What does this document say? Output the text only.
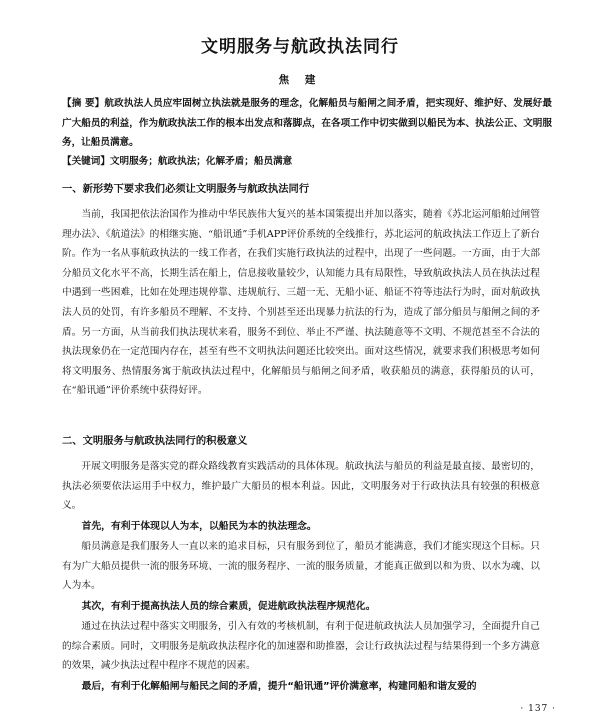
文明服务与航政执法同行
焦 建
【摘 要】航政执法人员应牢固树立执法就是服务的理念，化解船员与船闸之间矛盾，把实现好、维护好、发展好最广大船员的利益，作为航政执法工作的根本出发点和落脚点，在各项工作中切实做到以船民为本、执法公正、文明服务，让船员满意。
【关键词】文明服务；航政执法；化解矛盾；船员满意
一、新形势下要求我们必须让文明服务与航政执法同行
当前，我国把依法治国作为推动中华民族伟大复兴的基本国策提出并加以落实，随着《苏北运河船舶过闸管理办法》、《航道法》的相继实施、“船讯通”手机APP评价系统的全线推行，苏北运河的航政执法工作迈上了新台阶。作为一名从事航政执法的一线工作者，在我们实施行政执法的过程中，出现了一些问题。一方面，由于大部分船员文化水平不高，长期生活在船上，信息接收量较少，认知能力具有局限性，导致航政执法人员在执法过程中遇到一些困难，比如在处理违规停靠、违规航行、三超一无、无船小证、船证不符等违法行为时，面对航政执法人员的处罚，有许多船员不理解、不支持、个别甚至还出现暴力抗法的行为，造成了部分船员与船闸之间的矛盾。另一方面，从当前我们执法现状来看，服务不到位、举止不严谨、执法随意等不文明、不规范甚至不合法的执法现象仍在一定范围内存在，甚至有些不文明执法问题还比较突出。面对这些情况，就要求我们积极思考如何将文明服务、热情服务寓于航政执法过程中，化解船员与船闸之间矛盾，收获船员的满意，获得船员的认可，在“船讯通”评价系统中获得好评。
二、文明服务与航政执法同行的积极意义
开展文明服务是落实党的群众路线教育实践活动的具体体现。航政执法与船员的利益是最直接、最密切的，执法必须要依法运用手中权力，维护最广大船员的根本利益。因此，文明服务对于行政执法具有较强的积极意义。
首先，有利于体现以人为本，以船民为本的执法理念。
船员满意是我们服务人一直以来的追求目标，只有服务到位了，船员才能满意，我们才能实现这个目标。只有为广大船员提供一流的服务环境、一流的服务程序、一流的服务质量，才能真正做到以和为贵、以水为魂、以人为本。
其次，有利于提高执法人员的综合素质，促进航政执法程序规范化。
通过在执法过程中落实文明服务，引入有效的考核机制，有利于促进航政执法人员加强学习，全面提升自己的综合素质。同时，文明服务是航政执法程序化的加速器和助推器，会让行政执法过程与结果得到一个多方满意的效果，减少执法过程中程序不规范的因素。
最后，有利于化解船闸与船民之间的矛盾，提升“船讯通”评价满意率，构建同船和谐友爱的
· 137 ·
